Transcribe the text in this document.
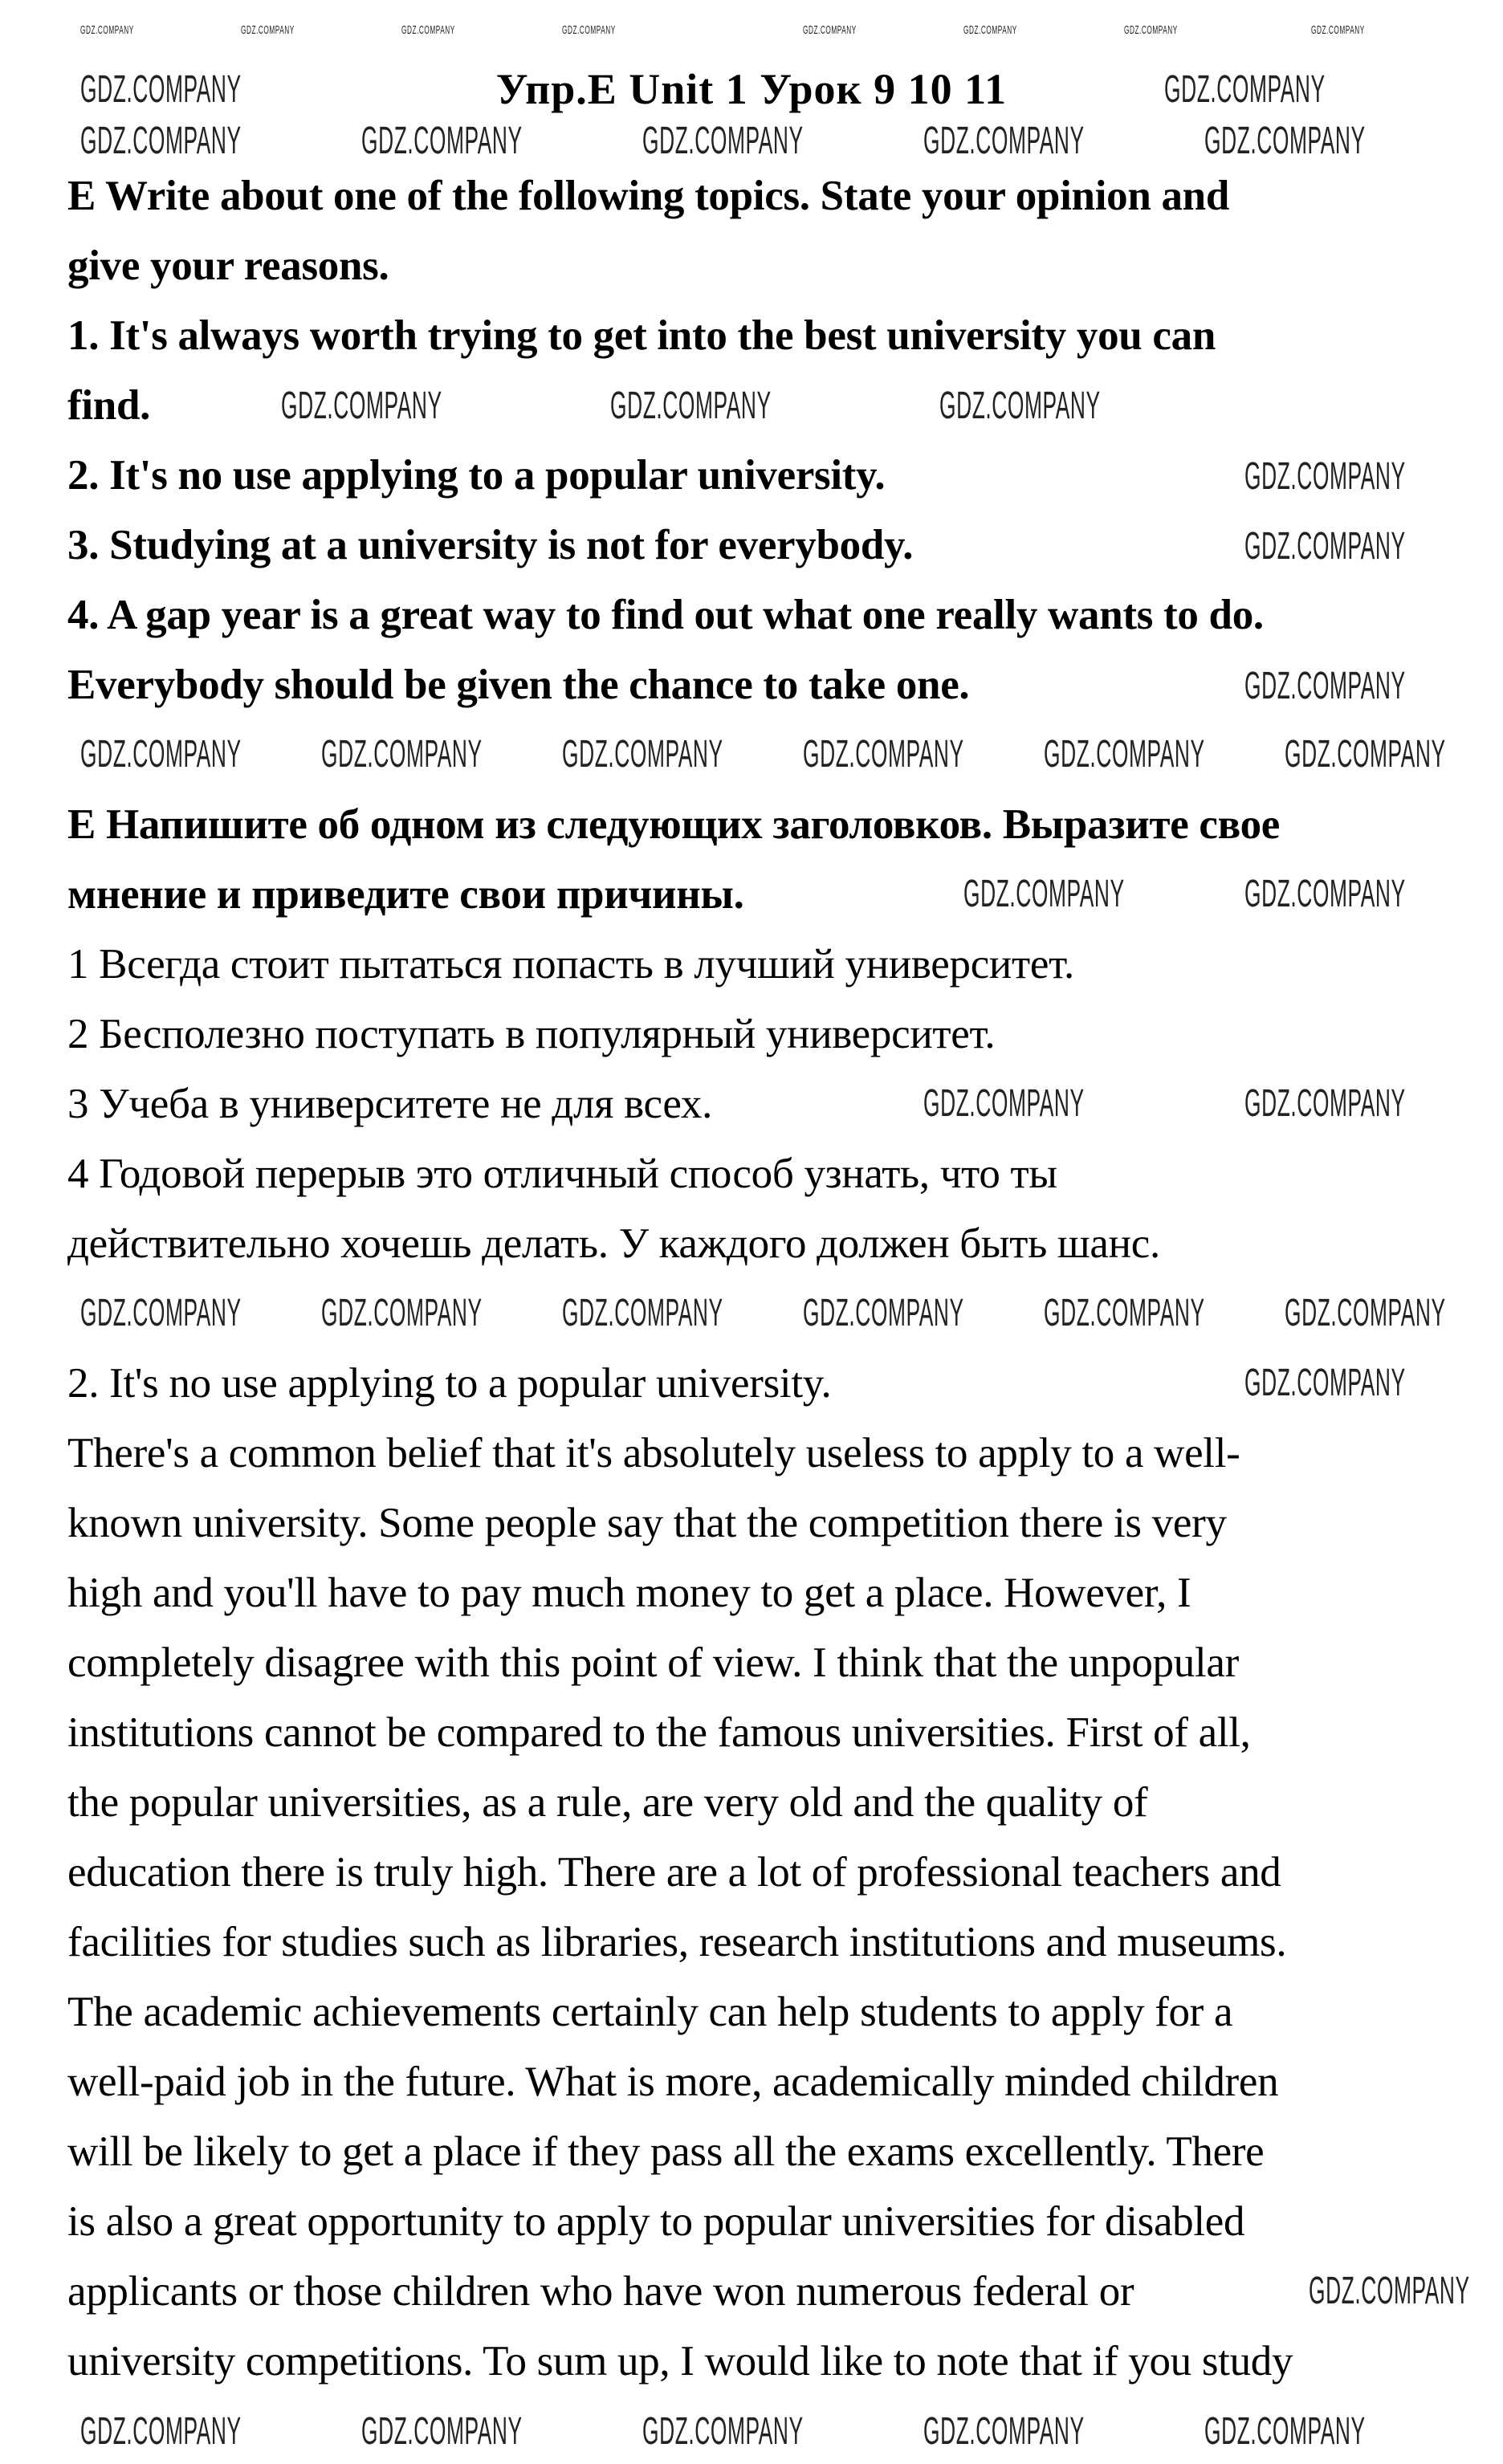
Упр.E Unit 1 Урок 9 10 11
E Write about one of the following topics. State your opinion and
give your reasons.
1. It's always worth trying to get into the best university you can
find.
2. It's no use applying to a popular university.
3. Studying at a university is not for everybody.
4. A gap year is a great way to find out what one really wants to do.
Everybody should be given the chance to take one.
E Напишите об одном из следующих заголовков. Выразите свое
мнение и приведите свои причины.
1 Всегда стоит пытаться попасть в лучший университет.
2 Бесполезно поступать в популярный университет.
3 Учеба в университете не для всех.
4 Годовой перерыв это отличный способ узнать, что ты
действительно хочешь делать. У каждого должен быть шанс.
2. It's no use applying to a popular university.
There's a common belief that it's absolutely useless to apply to a well-
known university. Some people say that the competition there is very
high and you'll have to pay much money to get a place. However, I
completely disagree with this point of view. I think that the unpopular
institutions cannot be compared to the famous universities. First of all,
the popular universities, as a rule, are very old and the quality of
education there is truly high. There are a lot of professional teachers and
facilities for studies such as libraries, research institutions and museums.
The academic achievements certainly can help students to apply for a
well-paid job in the future. What is more, academically minded children
will be likely to get a place if they pass all the exams excellently. There
is also a great opportunity to apply to popular universities for disabled
applicants or those children who have won numerous federal or
university competitions. To sum up, I would like to note that if you study
GDZ.COMPANY	GDZ.COMPANY
GDZ.COMPANY	GDZ.COMPANY	GDZ.COMPANY	GDZ.COMPANY	GDZ.COMPANY
GDZ.COMPANY	GDZ.COMPANY	GDZ.COMPANY
GDZ.COMPANY
GDZ.COMPANY
GDZ.COMPANY
GDZ.COMPANY GDZ.COMPANY GDZ.COMPANY GDZ.COMPANY GDZ.COMPANY GDZ.COMPANY
GDZ.COMPANY	GDZ.COMPANY
GDZ.COMPANY	GDZ.COMPANY
GDZ.COMPANY GDZ.COMPANY GDZ.COMPANY GDZ.COMPANY GDZ.COMPANY GDZ.COMPANY
GDZ.COMPANY
GDZ.COMPANY
GDZ.COMPANY	GDZ.COMPANY	GDZ.COMPANY	GDZ.COMPANY	GDZ.COMPANY
GDZ.COMPANY	GDZ.COMPANY	GDZ.COMPANY	GDZ.COMPANY	GDZ.COMPANY	GDZ.COMPANY	GDZ.COMPANY	GDZ.COMPANY
